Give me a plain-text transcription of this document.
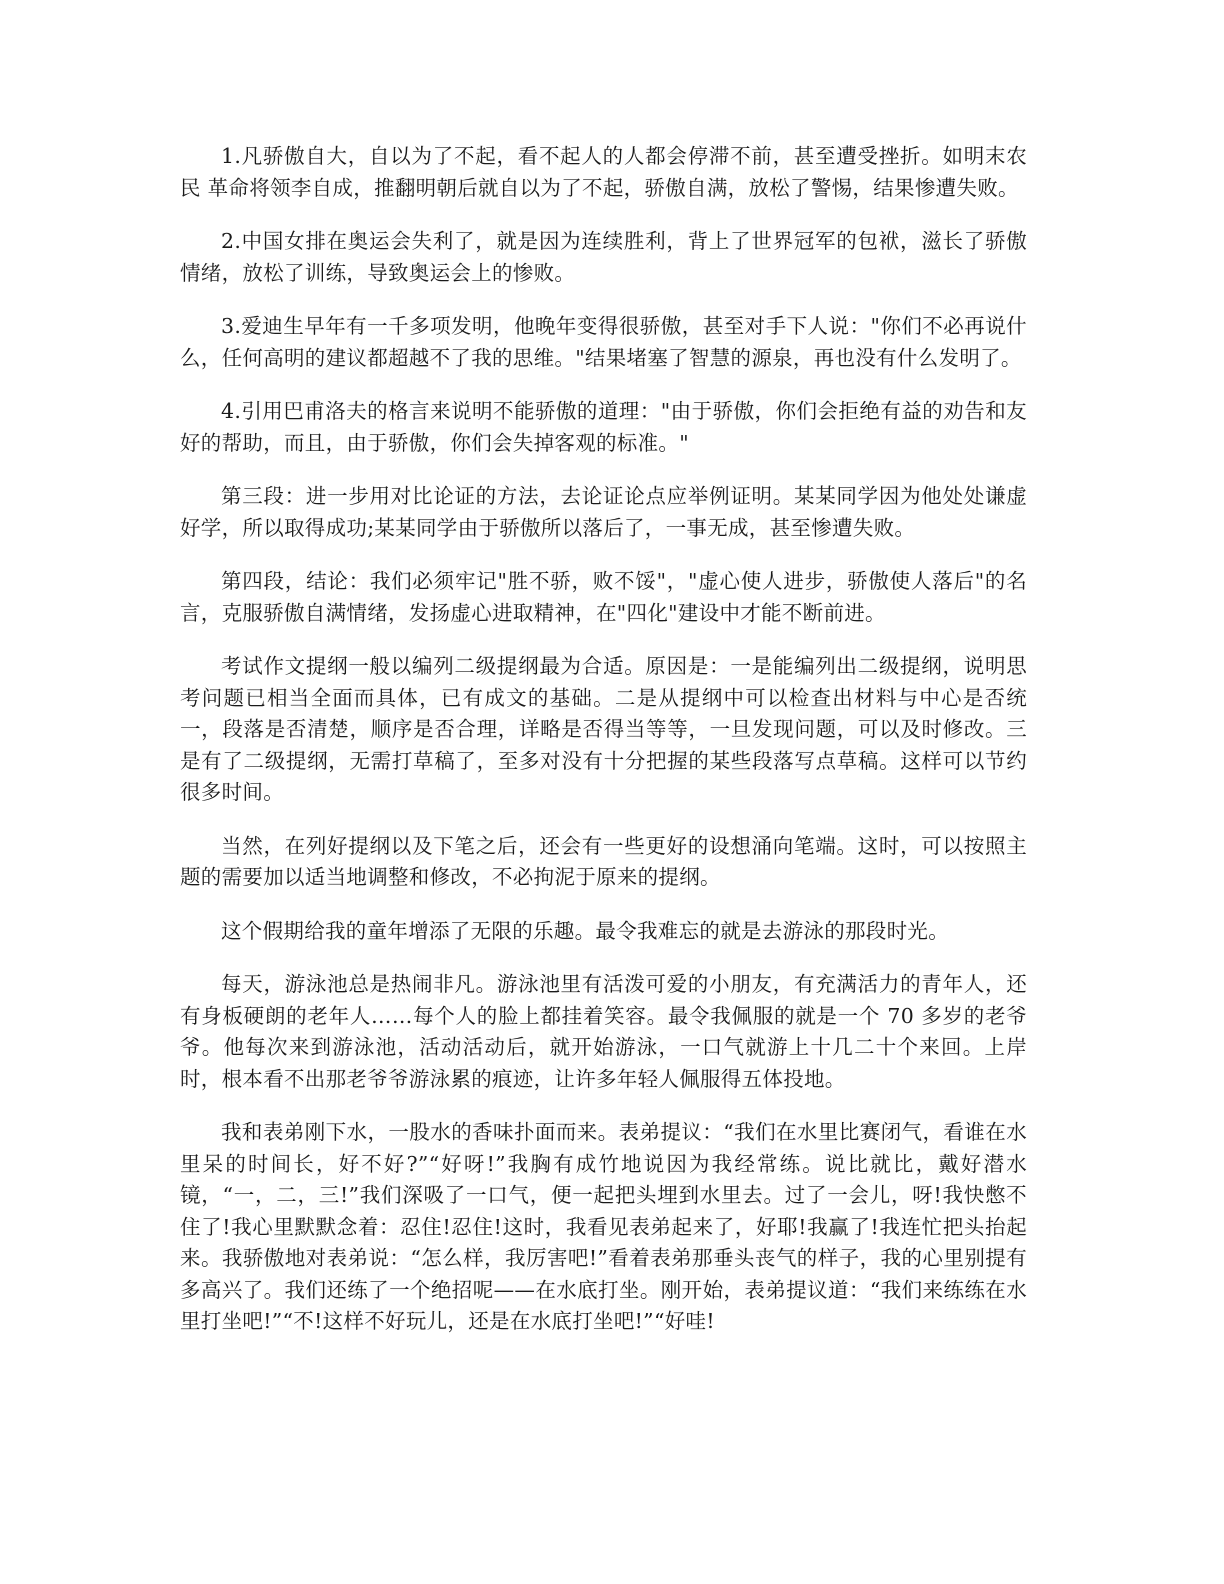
1.凡骄傲自大，自以为了不起，看不起人的人都会停滞不前，甚至遭受挫折。如明末农民 革命将领李自成，推翻明朝后就自以为了不起，骄傲自满，放松了警惕，结果惨遭失败。

2.中国女排在奥运会失利了，就是因为连续胜利，背上了世界冠军的包袱，滋长了骄傲情绪，放松了训练，导致奥运会上的惨败。

3.爱迪生早年有一千多项发明，他晚年变得很骄傲，甚至对手下人说："你们不必再说什么，任何高明的建议都超越不了我的思维。"结果堵塞了智慧的源泉，再也没有什么发明了。

4.引用巴甫洛夫的格言来说明不能骄傲的道理："由于骄傲，你们会拒绝有益的劝告和友好的帮助，而且，由于骄傲，你们会失掉客观的标准。"

第三段：进一步用对比论证的方法，去论证论点应举例证明。某某同学因为他处处谦虚好学，所以取得成功;某某同学由于骄傲所以落后了，一事无成，甚至惨遭失败。

第四段，结论：我们必须牢记"胜不骄，败不馁"，"虚心使人进步，骄傲使人落后"的名言，克服骄傲自满情绪，发扬虚心进取精神，在"四化"建设中才能不断前进。

考试作文提纲一般以编列二级提纲最为合适。原因是：一是能编列出二级提纲，说明思 考问题已相当全面而具体，已有成文的基础。二是从提纲中可以检查出材料与中心是否统 一，段落是否清楚，顺序是否合理，详略是否得当等等，一旦发现问题，可以及时修改。三 是有了二级提纲，无需打草稿了，至多对没有十分把握的某些段落写点草稿。这样可以节约 很多时间。

当然，在列好提纲以及下笔之后，还会有一些更好的设想涌向笔端。这时，可以按照主题的需要加以适当地调整和修改，不必拘泥于原来的提纲。

这个假期给我的童年增添了无限的乐趣。最令我难忘的就是去游泳的那段时光。

每天，游泳池总是热闹非凡。游泳池里有活泼可爱的小朋友，有充满活力的青年人，还有身板硬朗的老年人……每个人的脸上都挂着笑容。最令我佩服的就是一个 70 多岁的老爷爷。他每次来到游泳池，活动活动后，就开始游泳，一口气就游上十几二十个来回。上岸时，根本看不出那老爷爷游泳累的痕迹，让许多年轻人佩服得五体投地。

我和表弟刚下水，一股水的香味扑面而来。表弟提议：“我们在水里比赛闭气，看谁在水里呆的时间长，好不好?”“好呀!”我胸有成竹地说因为我经常练。说比就比，戴好潜水镜，“一，二，三!”我们深吸了一口气，便一起把头埋到水里去。过了一会儿，呀!我快憋不住了!我心里默默念着：忍住!忍住!这时，我看见表弟起来了，好耶!我赢了!我连忙把头抬起来。我骄傲地对表弟说：“怎么样，我厉害吧!”看着表弟那垂头丧气的样子，我的心里别提有多高兴了。我们还练了一个绝招呢——在水底打坐。刚开始，表弟提议道：“我们来练练在水里打坐吧!”“不!这样不好玩儿，还是在水底打坐吧!”“好哇!
